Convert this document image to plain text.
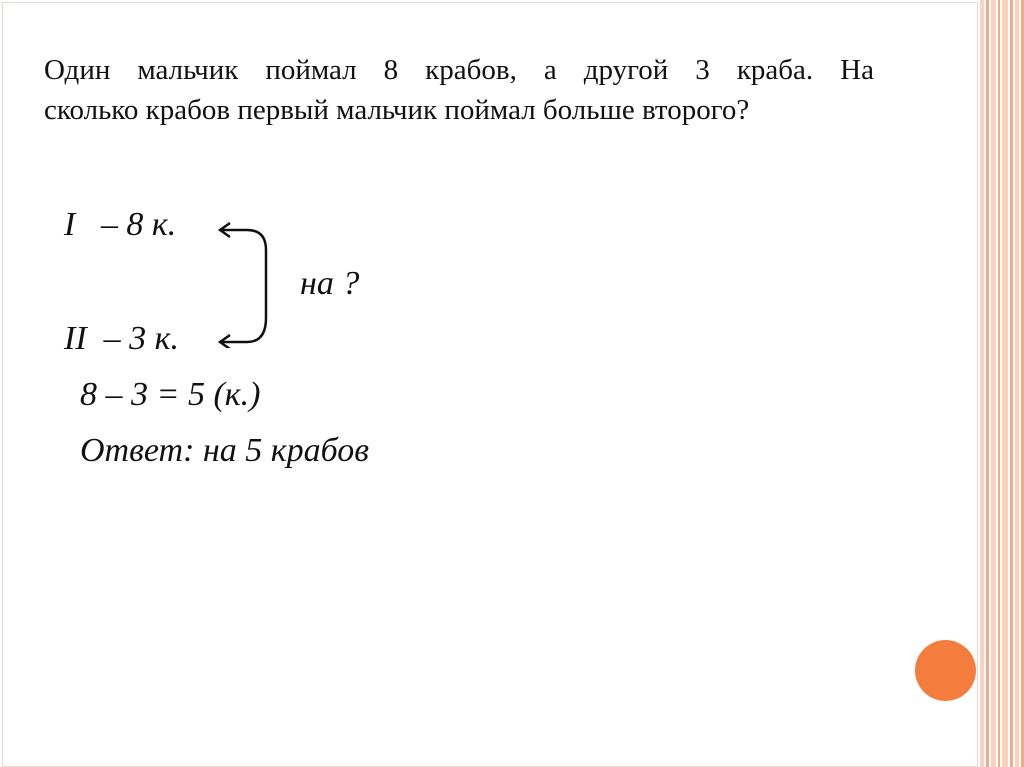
Один мальчик поймал 8 крабов, а другой 3 краба. На
сколько крабов первый мальчик поймал больше второго?

I   – 8 к.
II  – 3 к.
на ?
8 – 3 = 5 (к.)
Ответ: на 5 крабов
